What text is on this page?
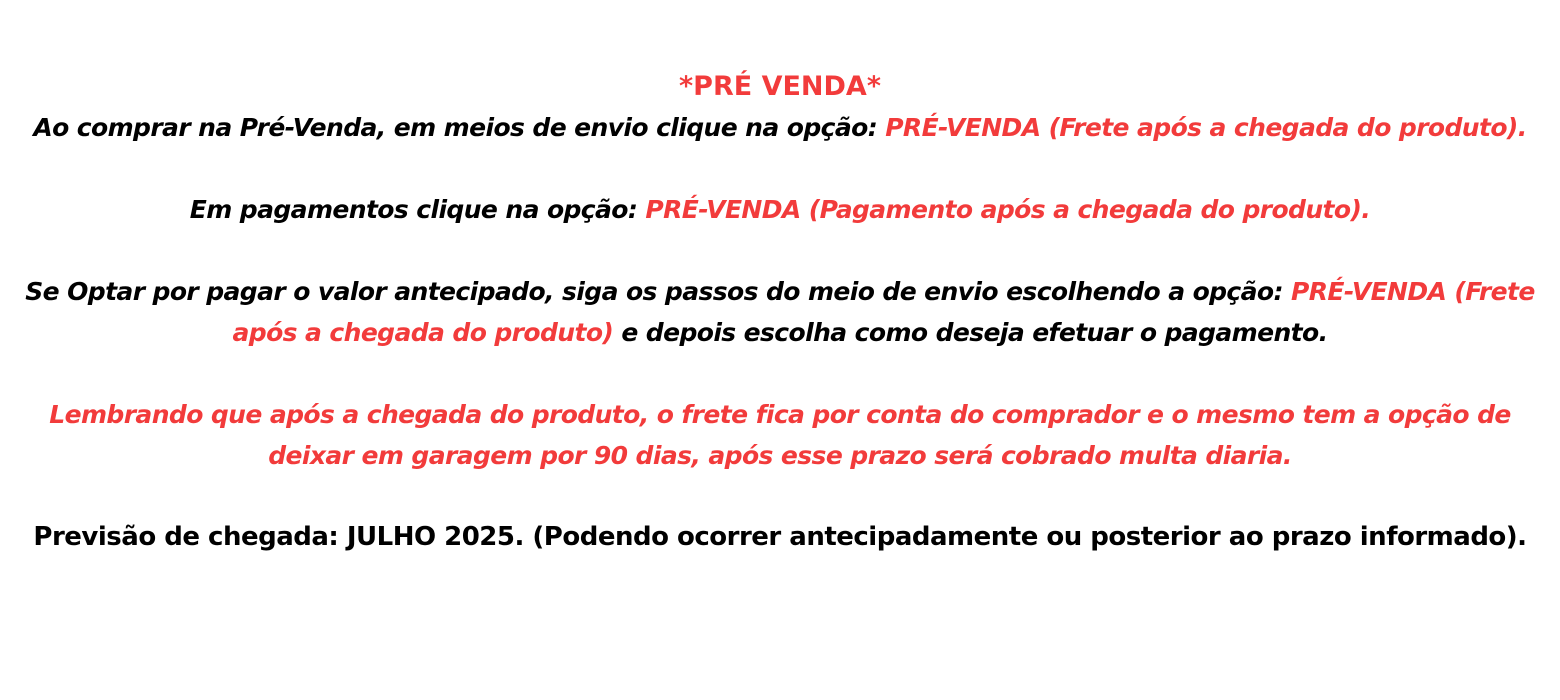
*PRÉ VENDA*
Ao comprar na Pré-Venda, em meios de envio clique na opção: PRÉ-VENDA (Frete após a chegada do produto).
Em pagamentos clique na opção: PRÉ-VENDA (Pagamento após a chegada do produto).
Se Optar por pagar o valor antecipado, siga os passos do meio de envio escolhendo a opção: PRÉ-VENDA (Frete
após a chegada do produto) e depois escolha como deseja efetuar o pagamento.
Lembrando que após a chegada do produto, o frete fica por conta do comprador e o mesmo tem a opção de
deixar em garagem por 90 dias, após esse prazo será cobrado multa diaria.
Previsão de chegada: JULHO 2025. (Podendo ocorrer antecipadamente ou posterior ao prazo informado).
